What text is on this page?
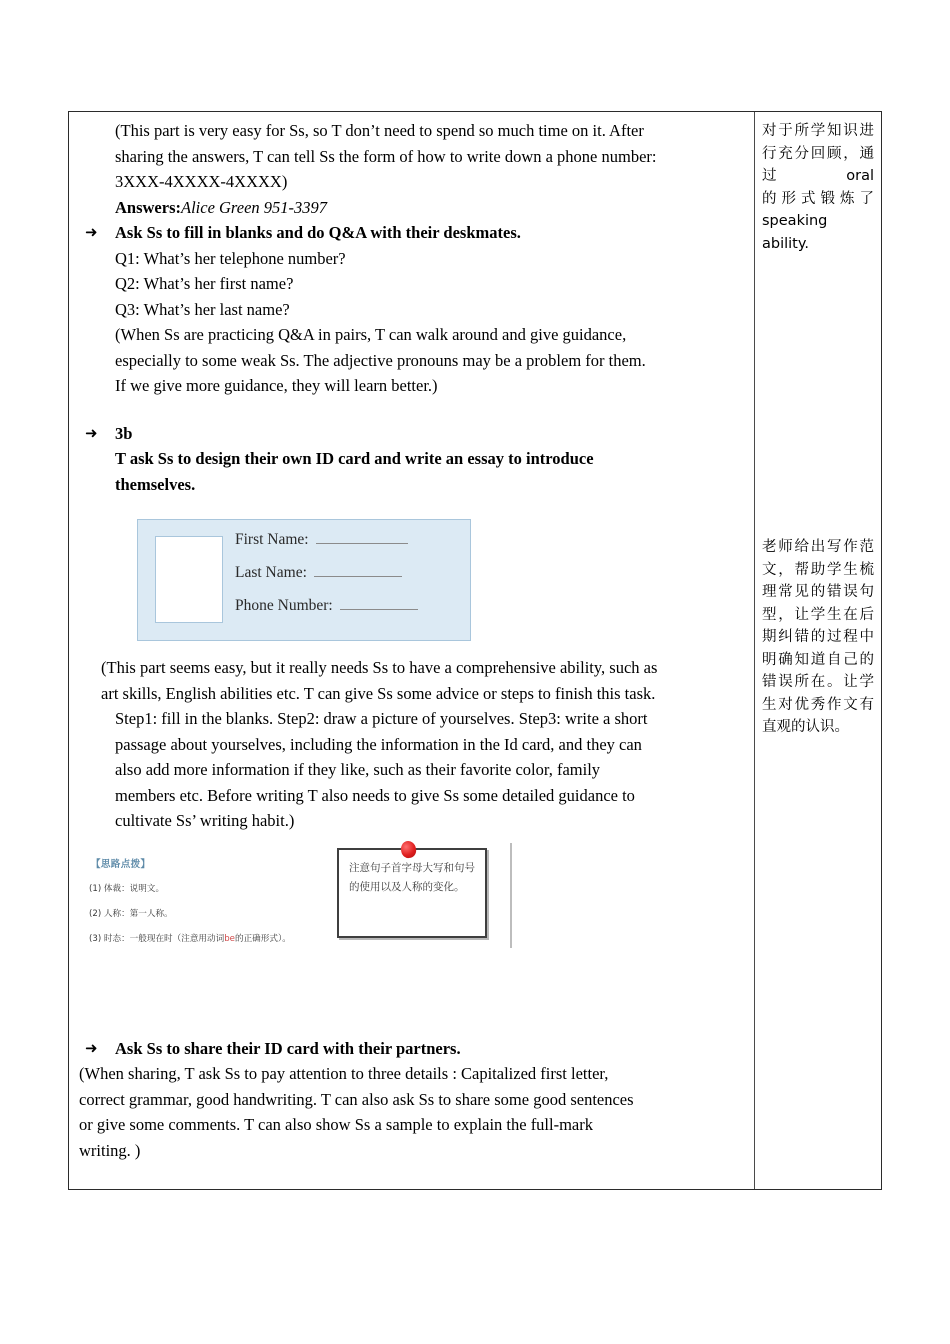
(This part is very easy for Ss, so T don’t need to spend so much time on it. After

sharing the answers, T can tell Ss the form of how to write down a phone number:

3XXX-4XXXX-4XXXX)

Answers:Alice Green 951-3397

➜	Ask Ss to fill in blanks and do Q&A with their deskmates.

Q1: What’s her telephone number?

Q2: What’s her first name?

Q3: What’s her last name?

(When Ss are practicing Q&A in pairs, T can walk around and give guidance,

especially to some weak Ss. The adjective pronouns may be a problem for them.

If we give more guidance, they will learn better.)

➜	3b

T ask Ss to design their own ID card and write an essay to introduce

themselves.

First Name:
Last Name:
Phone Number:

(This part seems easy, but it really needs Ss to have a comprehensive ability, such as

art skills, English abilities etc. T can give Ss some advice or steps to finish this task.

Step1: fill in the blanks. Step2: draw a picture of yourselves. Step3: write a short

passage about yourselves, including the information in the Id card, and they can

also add more information if they like, such as their favorite color, family

members etc. Before writing T also needs to give Ss some detailed guidance to

cultivate Ss’ writing habit.)

【思路点拨】

(1) 体裁：说明文。

(2) 人称：第一人称。

(3) 时态：一般现在时（注意用动词be的正确形式）。

注意句子首字母大写和句号的使用以及人称的变化。

➜	Ask Ss to share their ID card with their partners.

(When sharing, T ask Ss to pay attention to three details : Capitalized first letter,

correct grammar, good handwriting. T can also ask Ss to share some good sentences

or give some comments. T can also show Ss a sample to explain the full-mark

writing. )

对于所学知识进行充分回顾，通过 oral

的形式锻炼了 speaking ability.

老师给出写作范文，帮助学生梳理常见的错误句型，让学生在后期纠错的过程中明确知道自己的错误所在。让学生对优秀作文有直观的认识。
